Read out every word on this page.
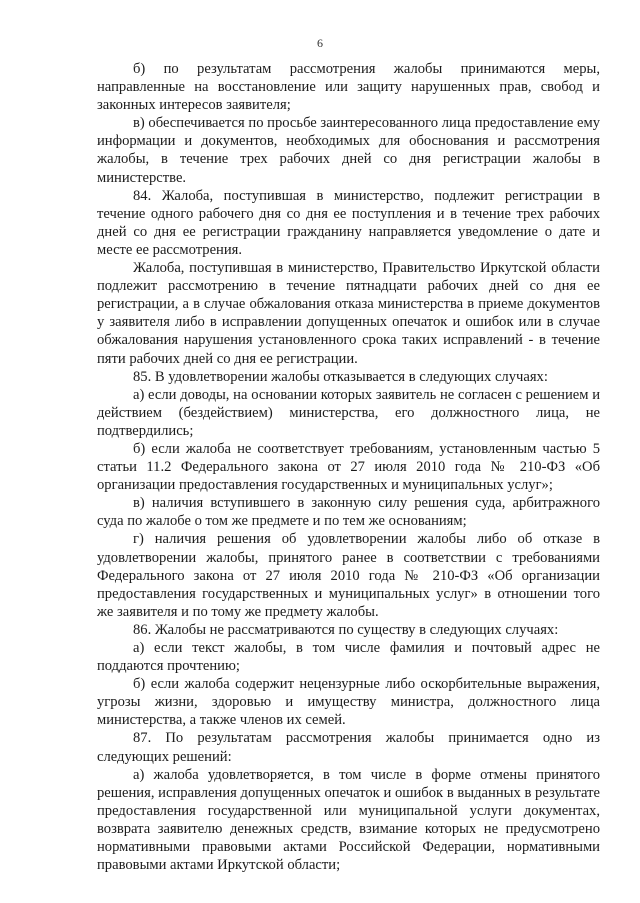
6

б) по результатам рассмотрения жалобы принимаются меры, направленные на восстановление или защиту нарушенных прав, свобод и законных интересов заявителя;

в) обеспечивается по просьбе заинтересованного лица предоставление ему информации и документов, необходимых для обоснования и рассмотрения жалобы, в течение трех рабочих дней со дня регистрации жалобы в министерстве.

84. Жалоба, поступившая в министерство, подлежит регистрации в течение одного рабочего дня со дня ее поступления и в течение трех рабочих дней со дня ее регистрации гражданину направляется уведомление о дате и месте ее рассмотрения.

Жалоба, поступившая в министерство, Правительство Иркутской области подлежит рассмотрению в течение пятнадцати рабочих дней со дня ее регистрации, а в случае обжалования отказа министерства в приеме документов у заявителя либо в исправлении допущенных опечаток и ошибок или в случае обжалования нарушения установленного срока таких исправлений - в течение пяти рабочих дней со дня ее регистрации.

85. В удовлетворении жалобы отказывается в следующих случаях:

а) если доводы, на основании которых заявитель не согласен с решением и действием (бездействием) министерства, его должностного лица, не подтвердились;

б) если жалоба не соответствует требованиям, установленным частью 5 статьи 11.2 Федерального закона от 27 июля 2010 года № 210-ФЗ «Об организации предоставления государственных и муниципальных услуг»;

в) наличия вступившего в законную силу решения суда, арбитражного суда по жалобе о том же предмете и по тем же основаниям;

г) наличия решения об удовлетворении жалобы либо об отказе в удовлетворении жалобы, принятого ранее в соответствии с требованиями Федерального закона от 27 июля 2010 года № 210-ФЗ «Об организации предоставления государственных и муниципальных услуг» в отношении того же заявителя и по тому же предмету жалобы.

86. Жалобы не рассматриваются по существу в следующих случаях:

а) если текст жалобы, в том числе фамилия и почтовый адрес не поддаются прочтению;

б) если жалоба содержит нецензурные либо оскорбительные выражения, угрозы жизни, здоровью и имуществу министра, должностного лица министерства, а также членов их семей.

87. По результатам рассмотрения жалобы принимается одно из следующих решений:

а) жалоба удовлетворяется, в том числе в форме отмены принятого решения, исправления допущенных опечаток и ошибок в выданных в результате предоставления государственной или муниципальной услуги документах, возврата заявителю денежных средств, взимание которых не предусмотрено нормативными правовыми актами Российской Федерации, нормативными правовыми актами Иркутской области;
